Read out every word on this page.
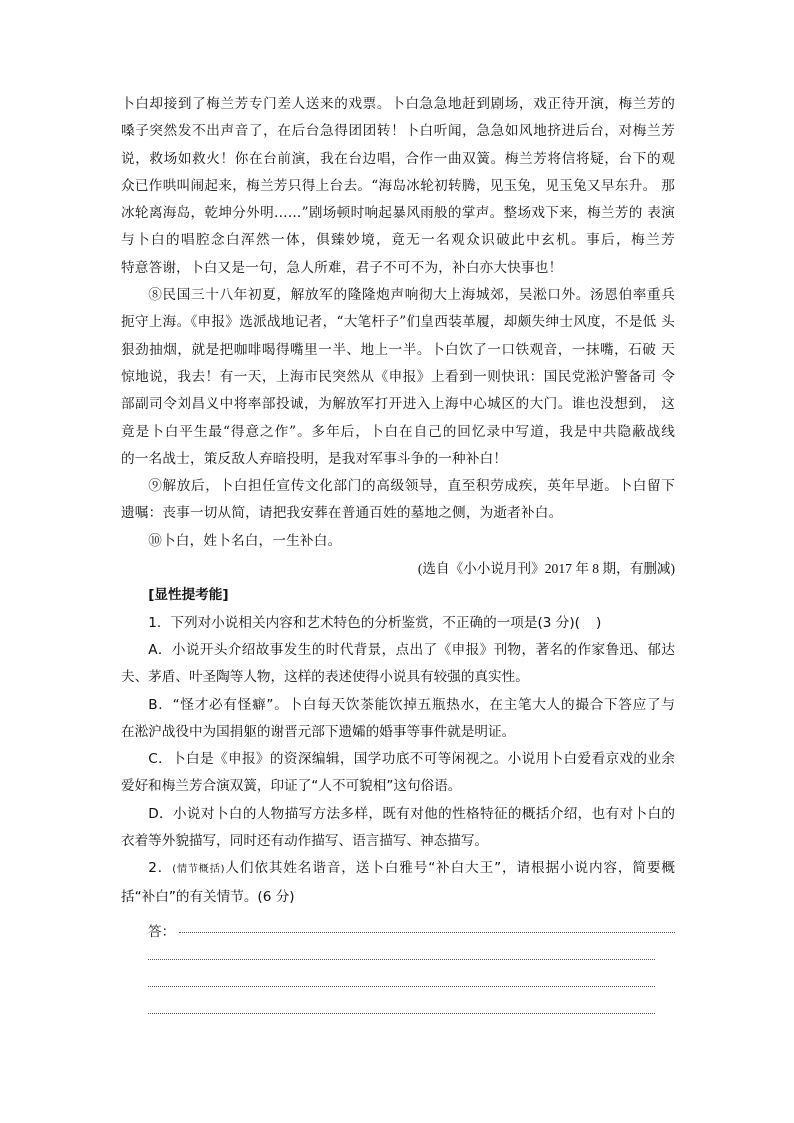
卜白却接到了梅兰芳专门差人送来的戏票。卜白急急地赶到剧场，戏正待开演，梅兰芳的 嗓子突然发不出声音了，在后台急得团团转！卜白听闻，急急如风地挤进后台，对梅兰芳 说，救场如救火！你在台前演，我在台边唱，合作一曲双簧。梅兰芳将信将疑，台下的观 众已作哄叫闹起来，梅兰芳只得上台去。“海岛冰轮初转腾，见玉兔，见玉兔又早东升。 那冰轮离海岛，乾坤分外明……”剧场顿时响起暴风雨般的掌声。整场戏下来，梅兰芳的 表演与卜白的唱腔念白浑然一体，俱臻妙境，竟无一名观众识破此中玄机。事后，梅兰芳

特意答谢，卜白又是一句，急人所难，君子不可不为，补白亦大快事也！

⑧民国三十八年初夏，解放军的隆隆炮声响彻大上海城郊，吴淞口外。汤恩伯率重兵 扼守上海。《申报》选派战地记者，“大笔杆子”们皇西装革履，却颇失绅士风度，不是低 头狠劲抽烟，就是把咖啡喝得嘴里一半、地上一半。卜白饮了一口铁观音，一抹嘴，石破 天惊地说，我去！有一天，上海市民突然从《申报》上看到一则快讯：国民党淞沪警备司 令部副司令刘昌义中将率部投诚，为解放军打开进入上海中心城区的大门。谁也没想到， 这竟是卜白平生最“得意之作”。多年后，卜白在自己的回忆录中写道，我是中共隐蔽战线

的一名战士，策反敌人弃暗投明，是我对军事斗争的一种补白！

⑨解放后，卜白担任宣传文化部门的高级领导，直至积劳成疾，英年早逝。卜白留下

遗嘱：丧事一切从简，请把我安葬在普通百姓的墓地之侧，为逝者补白。

⑩卜白，姓卜名白，一生补白。

(选自《小小说月刊》2017 年 8 期，有删减)

[显性提考能]

1．下列对小说相关内容和艺术特色的分析鉴赏，不正确的一项是(3 分)( )

A．小说开头介绍故事发生的时代背景，点出了《申报》刊物，著名的作家鲁迅、郁达

夫、茅盾、叶圣陶等人物，这样的表述使得小说具有较强的真实性。

B．“怪才必有怪癖”。卜白每天饮茶能饮掉五瓶热水，在主笔大人的撮合下答应了与

在淞沪战役中为国捐躯的谢晋元部下遗孀的婚事等事件就是明证。

C．卜白是《申报》的资深编辑，国学功底不可等闲视之。小说用卜白爱看京戏的业余

爱好和梅兰芳合演双簧，印证了“人不可貌相”这句俗语。

D．小说对卜白的人物描写方法多样，既有对他的性格特征的概括介绍，也有对卜白的

衣着等外貌描写，同时还有动作描写、语言描写、神态描写。

2．(情节概括)人们依其姓名谐音，送卜白雅号“补白大王”，请根据小说内容，简要概

括“补白”的有关情节。(6 分)

答：
